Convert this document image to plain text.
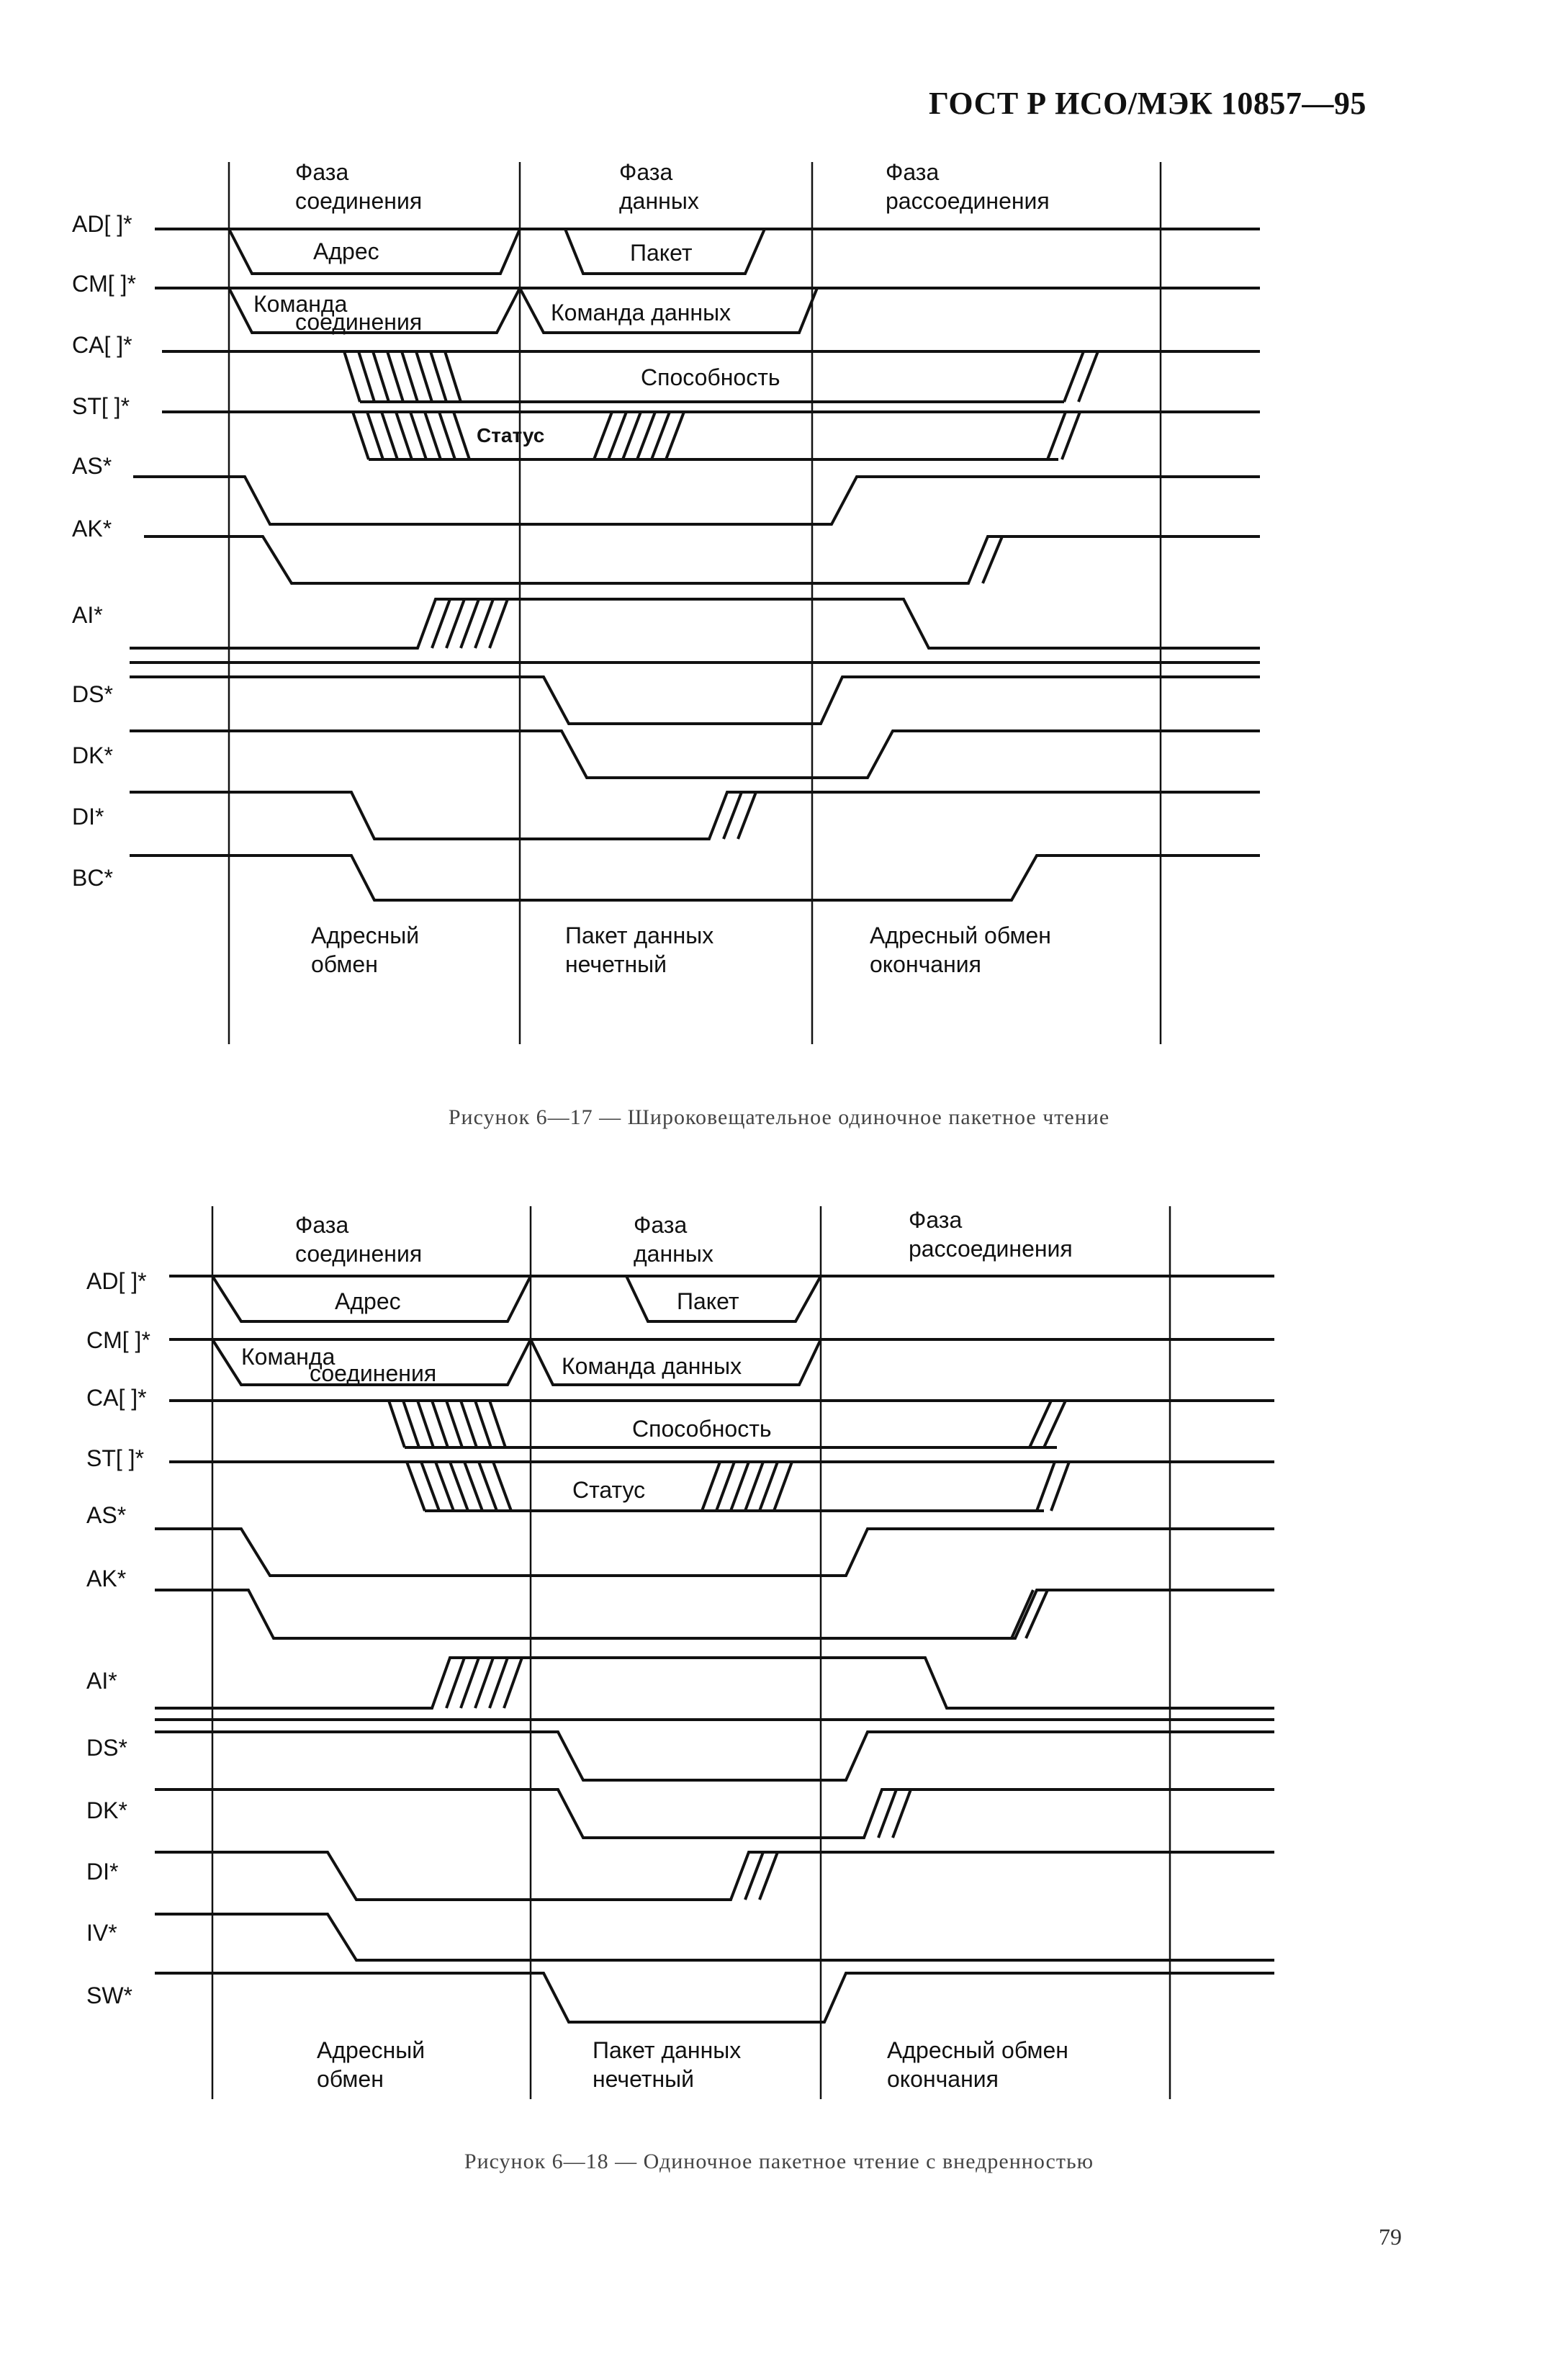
ГОСТ Р ИСО/МЭК 10857—95
Фаза
соединения
Фаза
данных
Фаза
рассоединения
AD[ ]*
CM[ ]*
CA[ ]*
ST[ ]*
AS*
AK*
AI*
DS*
DK*
DI*
BC*
Адрес	Пакет
Команда
соединения	Команда данных
Способность
Статус
Адресный
обмен
Пакет данных
нечетный
Адресный обмен
окончания
Рисунок 6—17 — Широковещательное одиночное пакетное чтение
Фаза
соединения
Фаза
данных
Фаза
рассоединения
AD[ ]*
CM[ ]*
CA[ ]*
ST[ ]*
AS*
AK*
AI*
DS*
DK*
DI*
IV*
SW*
Адрес	Пакет
Команда
соединения	Команда данных
Способность
Статус
Адресный
обмен
Пакет данных
нечетный
Адресный обмен
окончания
Рисунок 6—18 — Одиночное пакетное чтение с внедренностью
79
